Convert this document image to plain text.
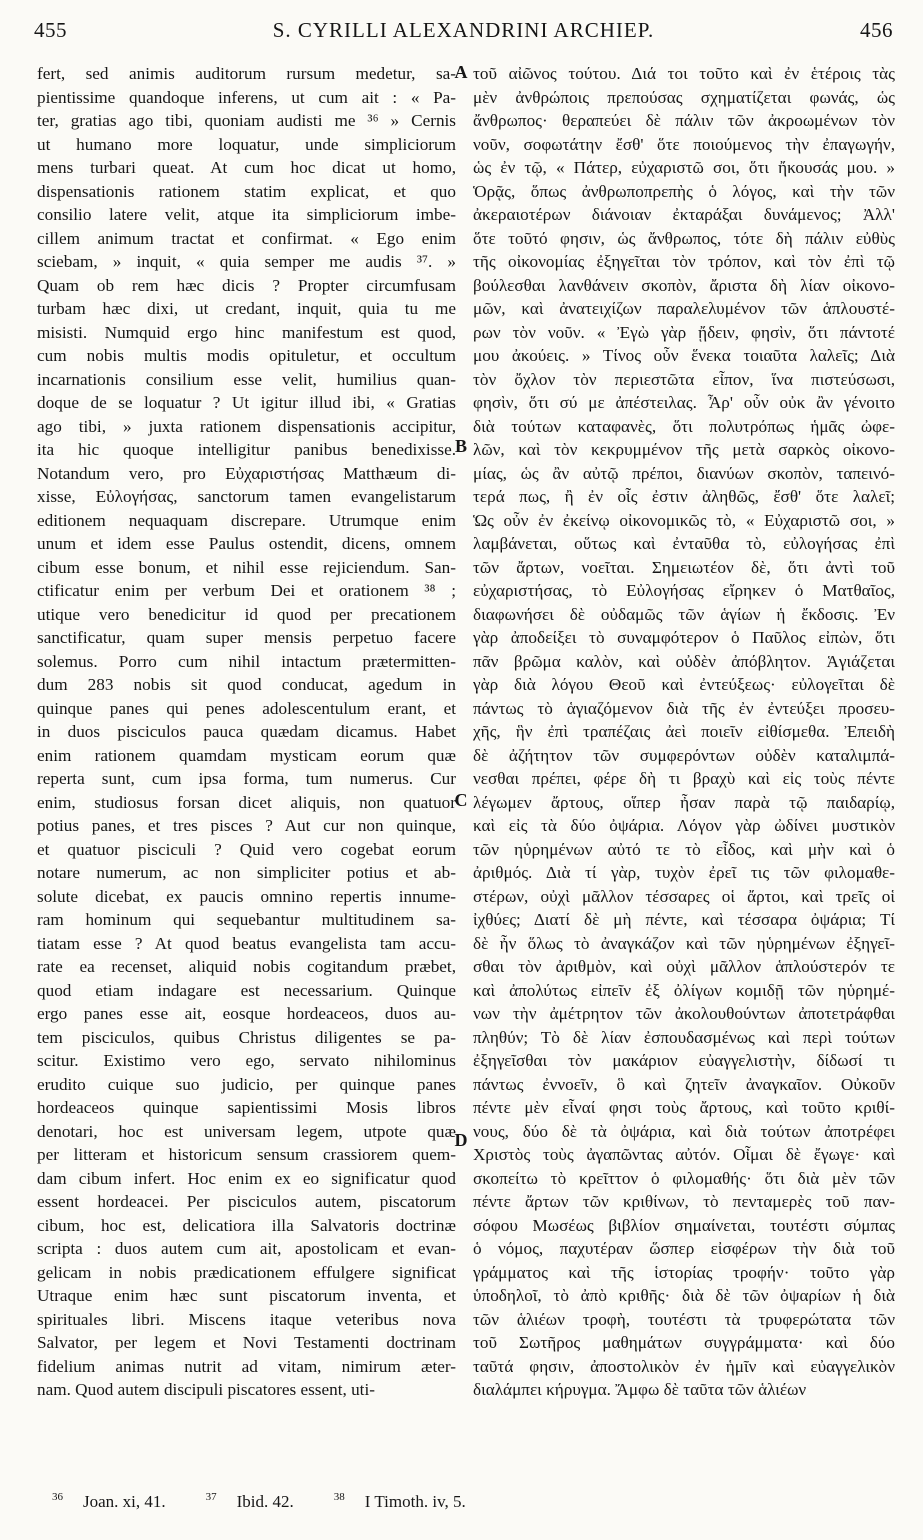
455	S. CYRILLI ALEXANDRINI ARCHIEP.	456
fert, sed animis auditorum rursum medetur, sa-
pientissime quandoque inferens, ut cum ait : « Pa-
ter, gratias ago tibi, quoniam audisti me ³⁶ » Cernis
ut humano more loquatur, unde simpliciorum
mens turbari queat. At cum hoc dicat ut homo,
dispensationis rationem statim explicat, et quo
consilio latere velit, atque ita simpliciorum imbe-
cillem animum tractat et confirmat. « Ego enim
sciebam, » inquit, « quia semper me audis ³⁷. »
Quam ob rem hæc dicis ? Propter circumfusam
turbam hæc dixi, ut credant, inquit, quia tu me
misisti. Numquid ergo hinc manifestum est quod,
cum nobis multis modis opituletur, et occultum
incarnationis consilium esse velit, humilius quan-
doque de se loquatur ? Ut igitur illud ibi, « Gratias
ago tibi, » juxta rationem dispensationis accipitur,
ita hic quoque intelligitur panibus benedixisse.
Notandum vero, pro Εὐχαριστήσας Matthæum di-
xisse, Εὐλογήσας, sanctorum tamen evangelistarum
editionem nequaquam discrepare. Utrumque enim
unum et idem esse Paulus ostendit, dicens, omnem
cibum esse bonum, et nihil esse rejiciendum. San-
ctificatur enim per verbum Dei et orationem ³⁸ ;
utique vero benedicitur id quod per precationem
sanctificatur, quam super mensis perpetuo facere
solemus. Porro cum nihil intactum prætermitten-
dum 283 nobis sit quod conducat, agedum in
quinque panes qui penes adolescentulum erant, et
in duos pisciculos pauca quædam dicamus. Habet
enim rationem quamdam mysticam eorum quæ
reperta sunt, cum ipsa forma, tum numerus. Cur
enim, studiosus forsan dicet aliquis, non quatuor
potius panes, et tres pisces ? Aut cur non quinque,
et quatuor pisciculi ? Quid vero cogebat eorum
notare numerum, ac non simpliciter potius et ab-
solute dicebat, ex paucis omnino repertis innume-
ram hominum qui sequebantur multitudinem sa-
tiatam esse ? At quod beatus evangelista tam accu-
rate ea recenset, aliquid nobis cogitandum præbet,
quod etiam indagare est necessarium. Quinque
ergo panes esse ait, eosque hordeaceos, duos au-
tem pisciculos, quibus Christus diligentes se pa-
scitur. Existimo vero ego, servato nihilominus
erudito cuique suo judicio, per quinque panes
hordeaceos quinque sapientissimi Mosis libros
denotari, hoc est universam legem, utpote quæ
per litteram et historicum sensum crassiorem quem-
dam cibum infert. Hoc enim ex eo significatur quod
essent hordeacei. Per pisciculos autem, piscatorum
cibum, hoc est, delicatiora illa Salvatoris doctrinæ
scripta : duos autem cum ait, apostolicam et evan-
gelicam in nobis prædicationem effulgere significat
Utraque enim hæc sunt piscatorum inventa, et
spirituales libri. Miscens itaque veteribus nova
Salvator, per legem et Novi Testamenti doctrinam
fidelium animas nutrit ad vitam, nimirum æter-
nam. Quod autem discipuli piscatores essent, uti-
A
B
C
D
τοῦ αἰῶνος τούτου. Διά τοι τοῦτο καὶ ἐν ἑτέροις τὰς
μὲν ἀνθρώποις πρεπούσας σχηματίζεται φωνάς, ὡς
ἄνθρωπος· θεραπεύει δὲ πάλιν τῶν ἀκροωμένων τὸν
νοῦν, σοφωτάτην ἔσθ' ὅτε ποιούμενος τὴν ἐπαγωγήν,
ὡς ἐν τῷ, « Πάτερ, εὐχαριστῶ σοι, ὅτι ἤκουσάς μου. »
Ὁρᾷς, ὅπως ἀνθρωποπρεπὴς ὁ λόγος, καὶ τὴν τῶν
ἀκεραιοτέρων διάνοιαν ἐκταράξαι δυνάμενος; Ἀλλ'
ὅτε τοῦτό φησιν, ὡς ἄνθρωπος, τότε δὴ πάλιν εὐθὺς
τῆς οἰκονομίας ἐξηγεῖται τὸν τρόπον, καὶ τὸν ἐπὶ τῷ
βούλεσθαι λανθάνειν σκοπὸν, ἄριστα δὴ λίαν οἰκονο-
μῶν, καὶ ἀνατειχίζων παραλελυμένον τῶν ἁπλουστέ-
ρων τὸν νοῦν. « Ἐγὼ γὰρ ᾔδειν, φησὶν, ὅτι πάντοτέ
μου ἀκούεις. » Τίνος οὖν ἕνεκα τοιαῦτα λαλεῖς; Διὰ
τὸν ὄχλον τὸν περιεστῶτα εἶπον, ἵνα πιστεύσωσι,
φησὶν, ὅτι σύ με ἀπέστειλας. Ἆρ' οὖν οὐκ ἂν γένοιτο
διὰ τούτων καταφανὲς, ὅτι πολυτρόπως ἡμᾶς ὠφε-
λῶν, καὶ τὸν κεκρυμμένον τῆς μετὰ σαρκὸς οἰκονο-
μίας, ὡς ἂν αὐτῷ πρέποι, διανύων σκοπὸν, ταπεινό-
τερά πως, ἢ ἐν οἷς ἐστιν ἀληθῶς, ἔσθ' ὅτε λαλεῖ;
Ὡς οὖν ἐν ἐκείνῳ οἰκονομικῶς τὸ, « Εὐχαριστῶ σοι, »
λαμβάνεται, οὕτως καὶ ἐνταῦθα τὸ, εὐλογήσας ἐπὶ
τῶν ἄρτων, νοεῖται. Σημειωτέον δὲ, ὅτι ἀντὶ τοῦ
εὐχαριστήσας, τὸ Εὐλογήσας εἴρηκεν ὁ Ματθαῖος,
διαφωνήσει δὲ οὐδαμῶς τῶν ἁγίων ἡ ἔκδοσις. Ἐν
γὰρ ἀποδείξει τὸ συναμφότερον ὁ Παῦλος εἰπὼν, ὅτι
πᾶν βρῶμα καλὸν, καὶ οὐδὲν ἀπόβλητον. Ἁγιάζεται
γὰρ διὰ λόγου Θεοῦ καὶ ἐντεύξεως· εὐλογεῖται δὲ
πάντως τὸ ἁγιαζόμενον διὰ τῆς ἐν ἐντεύξει προσευ-
χῆς, ἣν ἐπὶ τραπέζαις ἀεὶ ποιεῖν εἰθίσμεθα. Ἐπειδὴ
δὲ ἀζήτητον τῶν συμφερόντων οὐδὲν καταλιμπά-
νεσθαι πρέπει, φέρε δὴ τι βραχὺ καὶ εἰς τοὺς πέντε
λέγωμεν ἄρτους, οἵπερ ἦσαν παρὰ τῷ παιδαρίῳ,
καὶ εἰς τὰ δύο ὀψάρια. Λόγον γὰρ ὠδίνει μυστικὸν
τῶν ηὑρημένων αὐτό τε τὸ εἶδος, καὶ μὴν καὶ ὁ
ἀριθμός. Διὰ τί γὰρ, τυχὸν ἐρεῖ τις τῶν φιλομαθε-
στέρων, οὐχὶ μᾶλλον τέσσαρες οἱ ἄρτοι, καὶ τρεῖς οἱ
ἰχθύες; Διατί δὲ μὴ πέντε, καὶ τέσσαρα ὀψάρια; Τί
δὲ ἦν ὅλως τὸ ἀναγκάζον καὶ τῶν ηὑρημένων ἐξηγεῖ-
σθαι τὸν ἀριθμὸν, καὶ οὐχὶ μᾶλλον ἁπλούστερόν τε
καὶ ἀπολύτως εἰπεῖν ἐξ ὀλίγων κομιδῇ τῶν ηὑρημέ-
νων τὴν ἀμέτρητον τῶν ἀκολουθούντων ἀποτετράφθαι
πληθύν; Τὸ δὲ λίαν ἐσπουδασμένως καὶ περὶ τούτων
ἐξηγεῖσθαι τὸν μακάριον εὐαγγελιστὴν, δίδωσί τι
πάντως ἐννοεῖν, ὃ καὶ ζητεῖν ἀναγκαῖον. Οὐκοῦν
πέντε μὲν εἶναί φησι τοὺς ἄρτους, καὶ τοῦτο κριθί-
νους, δύο δὲ τὰ ὀψάρια, καὶ διὰ τούτων ἀποτρέφει
Χριστὸς τοὺς ἀγαπῶντας αὐτόν. Οἶμαι δὲ ἔγωγε· καὶ
σκοπείτω τὸ κρεῖττον ὁ φιλομαθής· ὅτι διὰ μὲν τῶν
πέντε ἄρτων τῶν κριθίνων, τὸ πενταμερὲς τοῦ παν-
σόφου Μωσέως βιβλίον σημαίνεται, τουτέστι σύμπας
ὁ νόμος, παχυτέραν ὥσπερ εἰσφέρων τὴν διὰ τοῦ
γράμματος καὶ τῆς ἱστορίας τροφήν· τοῦτο γὰρ
ὑποδηλοῖ, τὸ ἀπὸ κριθῆς· διὰ δὲ τῶν ὀψαρίων ἡ διὰ
τῶν ἁλιέων τροφὴ, τουτέστι τὰ τρυφερώτατα τῶν
τοῦ Σωτῆρος μαθημάτων συγγράμματα· καὶ δύο
ταῦτά φησιν, ἀποστολικὸν ἐν ἡμῖν καὶ εὐαγγελικὸν
διαλάμπει κήρυγμα. Ἄμφω δὲ ταῦτα τῶν ἁλιέων
$^{36}$ Joan. xi, 41.	$^{37}$ Ibid. 42.	$^{38}$ I Timoth. iv, 5.
